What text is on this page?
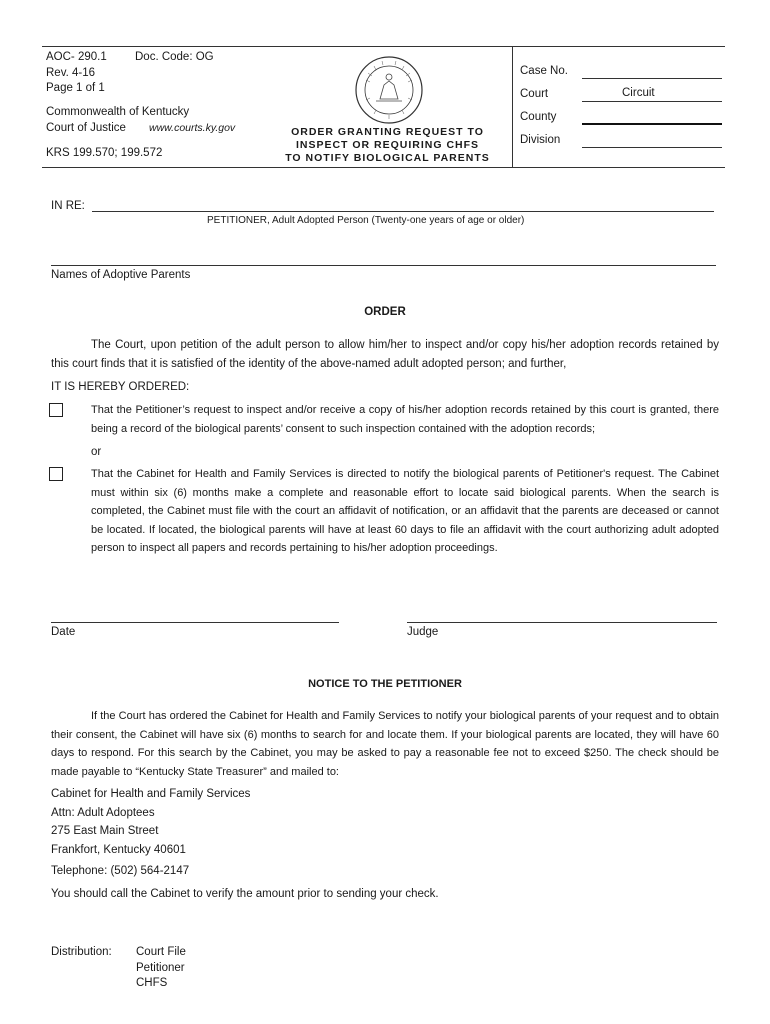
AOC- 290.1 Doc. Code: OG
Rev. 4-16
Page 1 of 1
Commonwealth of Kentucky
Court of Justice www.courts.ky.gov
KRS 199.570; 199.572
ORDER GRANTING REQUEST TO
INSPECT OR REQUIRING CHFS
TO NOTIFY BIOLOGICAL PARENTS
Case No.
Court	Circuit
County
Division
IN RE:
PETITIONER, Adult Adopted Person (Twenty-one years of age or older)
Names of Adoptive Parents
ORDER
The Court, upon petition of the adult person to allow him/her to inspect and/or copy his/her adoption records retained by this court finds that it is satisfied of the identity of the above-named adult adopted person; and further,
IT IS HEREBY ORDERED:
That the Petitioner’s request to inspect and/or receive a copy of his/her adoption records retained by this court is granted, there being a record of the biological parents’ consent to such inspection contained with the adoption records;
or
That the Cabinet for Health and Family Services is directed to notify the biological parents of Petitioner's request. The Cabinet must within six (6) months make a complete and reasonable effort to locate said biological parents. When the search is completed, the Cabinet must file with the court an affidavit of notification, or an affidavit that the parents are deceased or cannot be located. If located, the biological parents will have at least 60 days to file an affidavit with the court authorizing adult adopted person to inspect all papers and records pertaining to his/her adoption proceedings.
Date	Judge
NOTICE TO THE PETITIONER
If the Court has ordered the Cabinet for Health and Family Services to notify your biological parents of your request and to obtain their consent, the Cabinet will have six (6) months to search for and locate them. If your biological parents are located, they will have 60 days to respond. For this search by the Cabinet, you may be asked to pay a reasonable fee not to exceed $250. The check should be made payable to “Kentucky State Treasurer” and mailed to:
Cabinet for Health and Family Services
Attn: Adult Adoptees
275 East Main Street
Frankfort, Kentucky 40601
Telephone: (502) 564-2147
You should call the Cabinet to verify the amount prior to sending your check.
Distribution: Court File
Petitioner
CHFS
